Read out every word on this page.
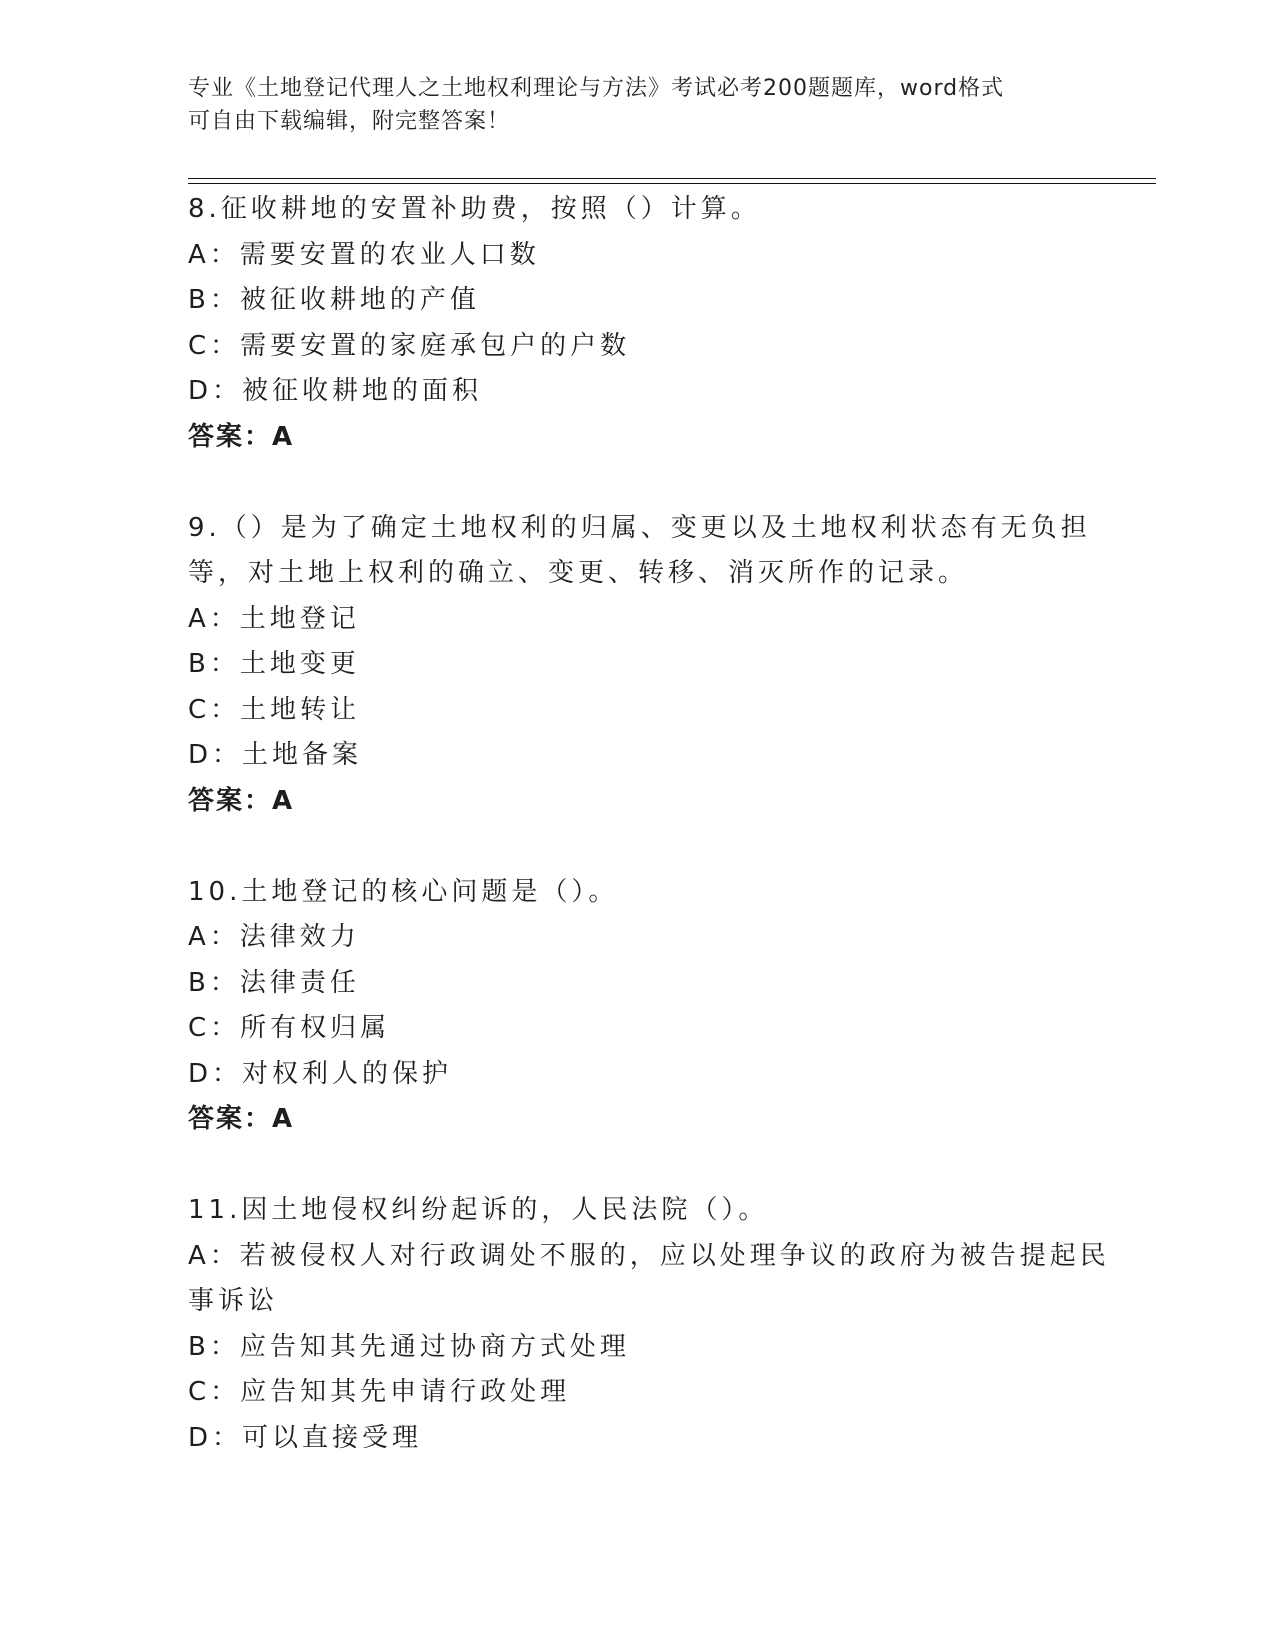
专业《土地登记代理人之土地权利理论与方法》考试必考200题题库，word格式
可自由下载编辑，附完整答案！
8.征收耕地的安置补助费，按照（）计算。
A：需要安置的农业人口数
B：被征收耕地的产值
C：需要安置的家庭承包户的户数
D：被征收耕地的面积
答案：A
9.（）是为了确定土地权利的归属、变更以及土地权利状态有无负担
等，对土地上权利的确立、变更、转移、消灭所作的记录。
A：土地登记
B：土地变更
C：土地转让
D：土地备案
答案：A
10.土地登记的核心问题是（）。
A：法律效力
B：法律责任
C：所有权归属
D：对权利人的保护
答案：A
11.因土地侵权纠纷起诉的，人民法院（）。
A：若被侵权人对行政调处不服的，应以处理争议的政府为被告提起民
事诉讼
B：应告知其先通过协商方式处理
C：应告知其先申请行政处理
D：可以直接受理
